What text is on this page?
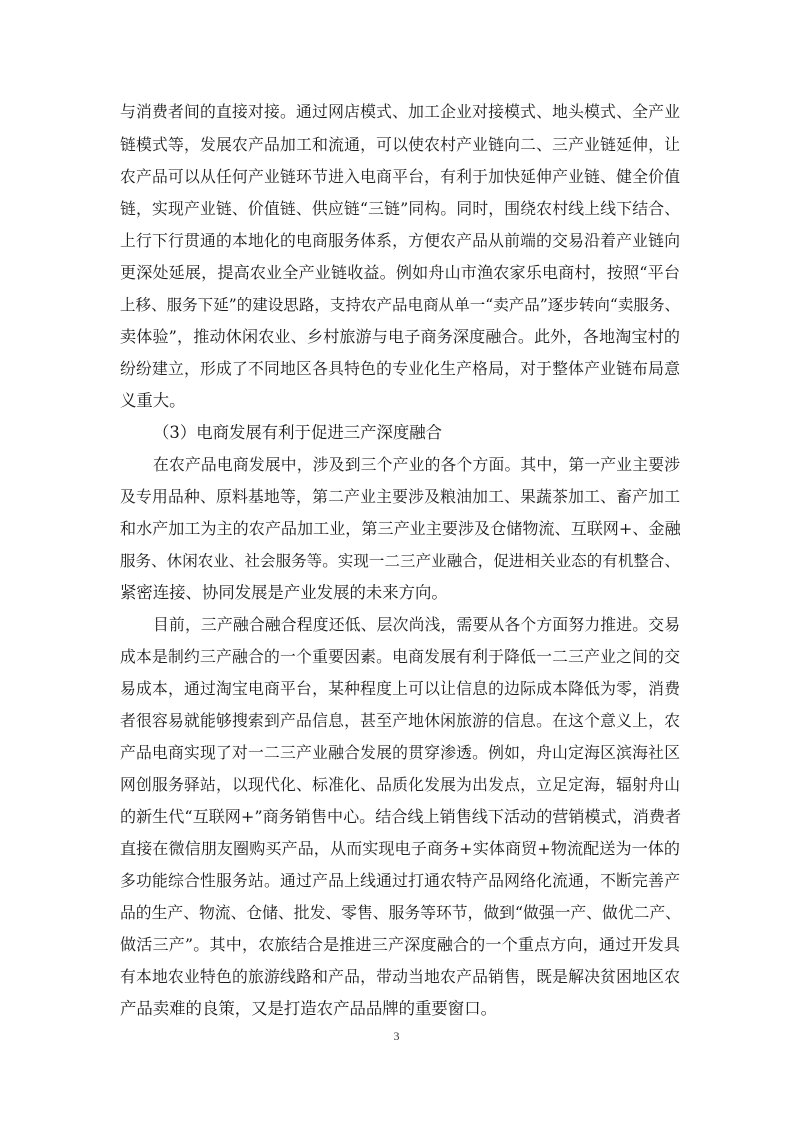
与消费者间的直接对接。通过网店模式、加工企业对接模式、地头模式、全产业
链模式等，发展农产品加工和流通，可以使农村产业链向二、三产业链延伸，让
农产品可以从任何产业链环节进入电商平台，有利于加快延伸产业链、健全价值
链，实现产业链、价值链、供应链“三链”同构。同时，围绕农村线上线下结合、
上行下行贯通的本地化的电商服务体系，方便农产品从前端的交易沿着产业链向
更深处延展，提高农业全产业链收益。例如舟山市渔农家乐电商村，按照“平台
上移、服务下延”的建设思路，支持农产品电商从单一“卖产品”逐步转向“卖服务、
卖体验”，推动休闲农业、乡村旅游与电子商务深度融合。此外，各地淘宝村的
纷纷建立，形成了不同地区各具特色的专业化生产格局，对于整体产业链布局意
义重大。
（3）电商发展有利于促进三产深度融合
在农产品电商发展中，涉及到三个产业的各个方面。其中，第一产业主要涉
及专用品种、原料基地等，第二产业主要涉及粮油加工、果蔬茶加工、畜产加工
和水产加工为主的农产品加工业，第三产业主要涉及仓储物流、互联网+、金融
服务、休闲农业、社会服务等。实现一二三产业融合，促进相关业态的有机整合、
紧密连接、协同发展是产业发展的未来方向。
目前，三产融合融合程度还低、层次尚浅，需要从各个方面努力推进。交易
成本是制约三产融合的一个重要因素。电商发展有利于降低一二三产业之间的交
易成本，通过淘宝电商平台，某种程度上可以让信息的边际成本降低为零，消费
者很容易就能够搜索到产品信息，甚至产地休闲旅游的信息。在这个意义上，农
产品电商实现了对一二三产业融合发展的贯穿渗透。例如，舟山定海区滨海社区
网创服务驿站，以现代化、标准化、品质化发展为出发点，立足定海，辐射舟山
的新生代“互联网+”商务销售中心。结合线上销售线下活动的营销模式，消费者
直接在微信朋友圈购买产品，从而实现电子商务+实体商贸+物流配送为一体的
多功能综合性服务站。通过产品上线通过打通农特产品网络化流通，不断完善产
品的生产、物流、仓储、批发、零售、服务等环节，做到“做强一产、做优二产、
做活三产”。其中，农旅结合是推进三产深度融合的一个重点方向，通过开发具
有本地农业特色的旅游线路和产品，带动当地农产品销售，既是解决贫困地区农
产品卖难的良策，又是打造农产品品牌的重要窗口。
3
